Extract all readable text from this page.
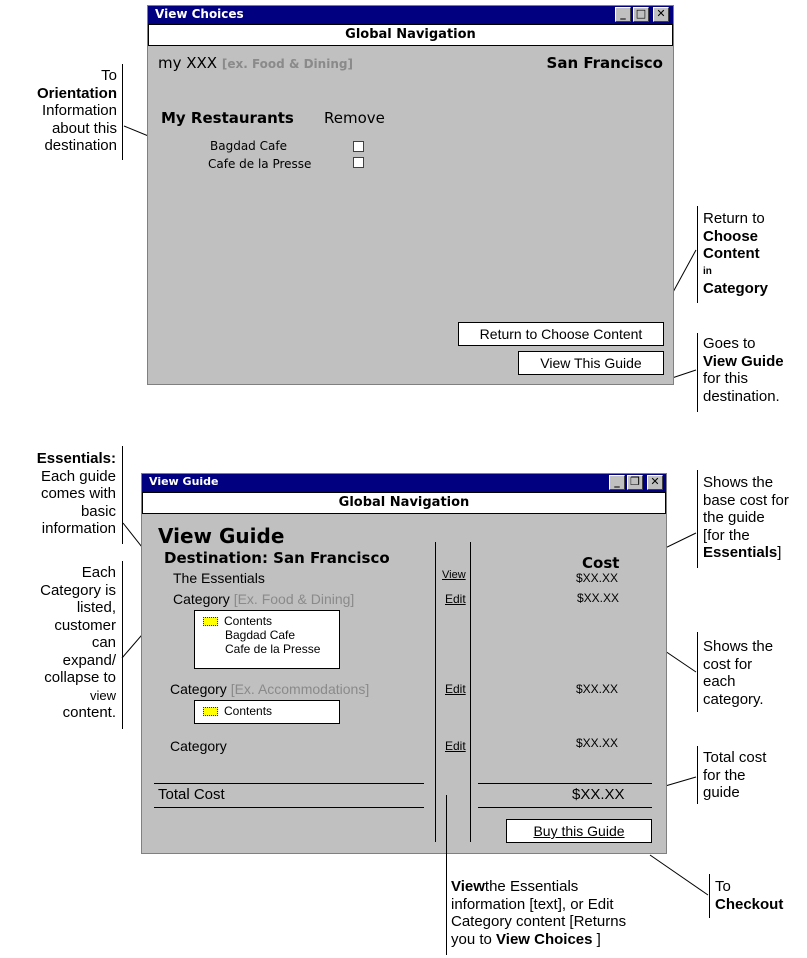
View Choices	_ □ ✕
Global Navigation
my XXX [ex. Food & Dining]	San Francisco
My Restaurants Remove
Bagdad Cafe
Cafe de la Presse
Return to Choose Content
View This Guide
View Guide	_ ❐ ✕
Global Navigation
View Guide
Destination: San Francisco	Cost
The Essentials	View	$XX.XX
Category [Ex. Food & Dining]	Edit	$XX.XX
Contents
Bagdad Cafe
Cafe de la Presse
Category [Ex. Accommodations]	Edit	$XX.XX
Contents
Category	Edit	$XX.XX
Total Cost	$XX.XX
Buy this Guide
To
Orientation
Information
about this
destination
Return to
Choose
Content
in
Category
Goes to
View Guide
for this
destination.
Essentials:
Each guide
comes with
basic
information
Each
Category is
listed,
customer
can
expand/
collapse to
view
content.
Shows the
base cost for
the guide
[for the
Essentials]
Shows the
cost for
each
category.
Total cost
for the
guide
To
Checkout
Viewthe Essentials
information [text], or Edit
Category content [Returns
you to View Choices ]
